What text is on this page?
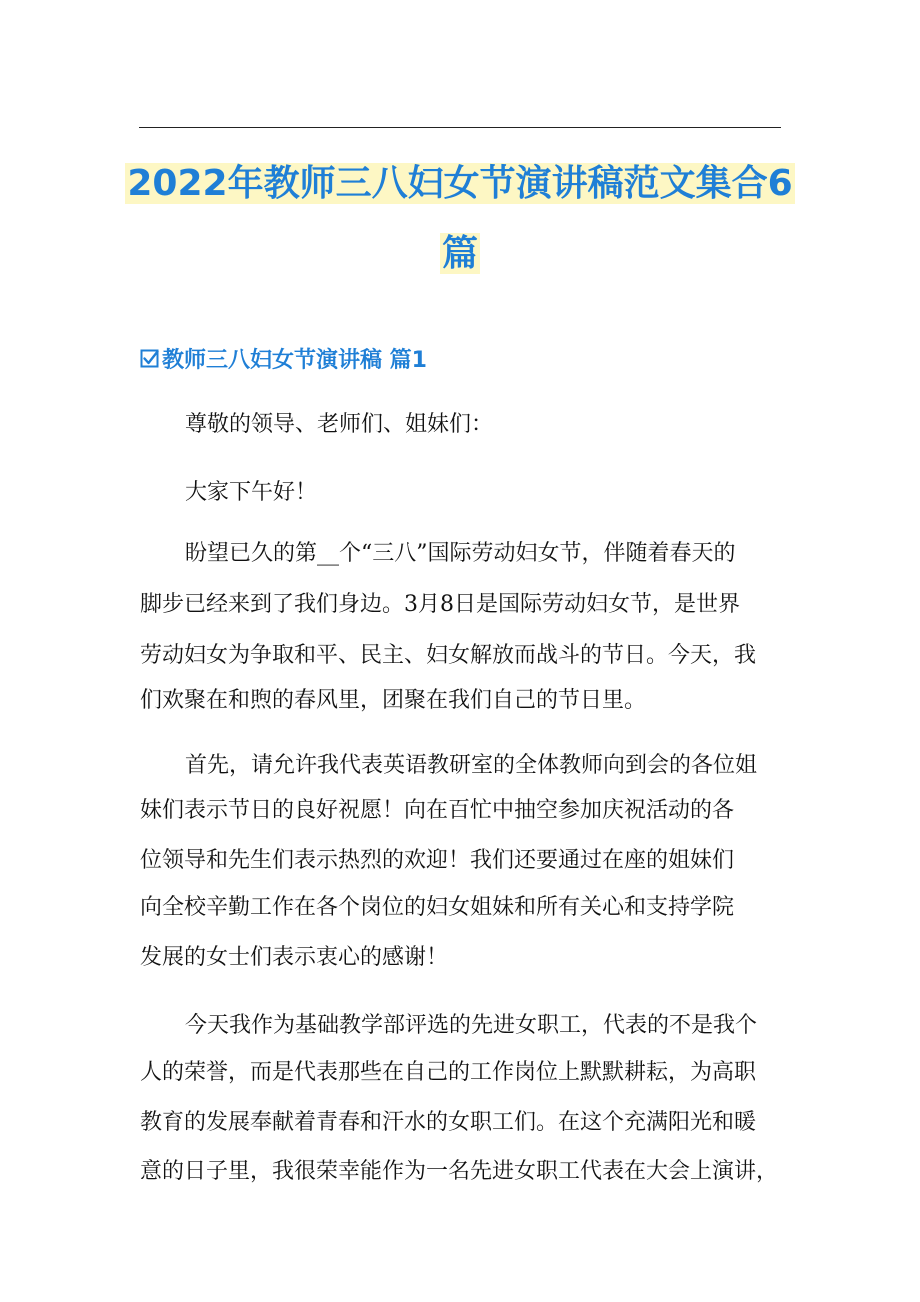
2022年教师三八妇女节演讲稿范文集合6
篇
教师三八妇女节演讲稿 篇1
尊敬的领导、老师们、姐妹们：
大家下午好！
盼望已久的第__个“三八”国际劳动妇女节，伴随着春天的
脚步已经来到了我们身边。3月8日是国际劳动妇女节，是世界
劳动妇女为争取和平、民主、妇女解放而战斗的节日。今天，我
们欢聚在和煦的春风里，团聚在我们自己的节日里。
首先，请允许我代表英语教研室的全体教师向到会的各位姐
妹们表示节日的良好祝愿！向在百忙中抽空参加庆祝活动的各
位领导和先生们表示热烈的欢迎！我们还要通过在座的姐妹们
向全校辛勤工作在各个岗位的妇女姐妹和所有关心和支持学院
发展的女士们表示衷心的感谢！
今天我作为基础教学部评选的先进女职工，代表的不是我个
人的荣誉，而是代表那些在自己的工作岗位上默默耕耘，为高职
教育的发展奉献着青春和汗水的女职工们。在这个充满阳光和暖
意的日子里，我很荣幸能作为一名先进女职工代表在大会上演讲，
